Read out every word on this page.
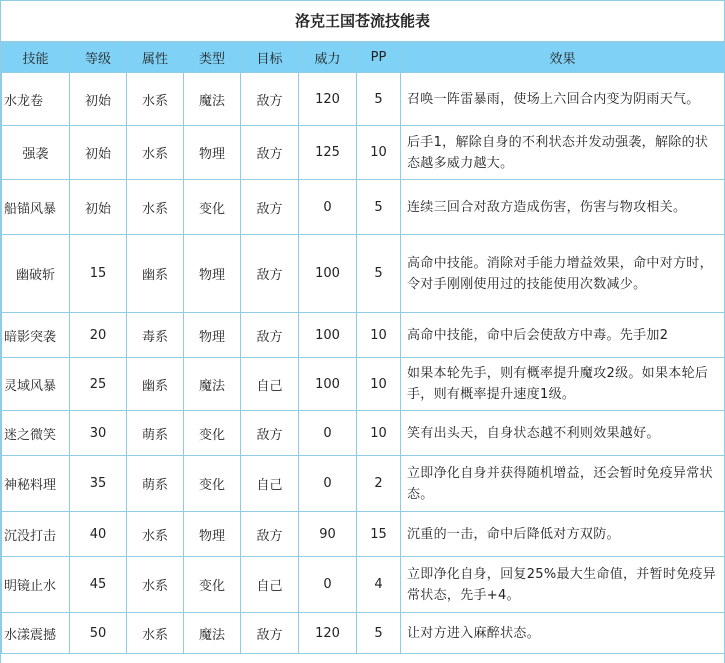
洛克王国苍流技能表
技能	等级	属性	类型	目标	威力	PP	效果
水龙卷	初始	水系	魔法	敌方	120	5	召唤一阵雷暴雨，使场上六回合内变为阴雨天气。
强袭	初始	水系	物理	敌方	125	10	后手1，解除自身的不利状态并发动强袭，解除的状态越多威力越大。
船锚风暴	初始	水系	变化	敌方	0	5	连续三回合对敌方造成伤害，伤害与物攻相关。
幽破斩	15	幽系	物理	敌方	100	5	高命中技能。消除对手能力增益效果，命中对方时，令对手刚刚使用过的技能使用次数减少。
暗影突袭	20	毒系	物理	敌方	100	10	高命中技能，命中后会使敌方中毒。先手加2
灵域风暴	25	幽系	魔法	自己	100	10	如果本轮先手，则有概率提升魔攻2级。如果本轮后手，则有概率提升速度1级。
迷之微笑	30	萌系	变化	敌方	0	10	笑有出头天，自身状态越不利则效果越好。
神秘料理	35	萌系	变化	自己	0	2	立即净化自身并获得随机增益，还会暂时免疫异常状态。
沉没打击	40	水系	物理	敌方	90	15	沉重的一击，命中后降低对方双防。
明镜止水	45	水系	变化	自己	0	4	立即净化自身，回复25%最大生命值，并暂时免疫异常状态，先手+4。
水漾震撼	50	水系	魔法	敌方	120	5	让对方进入麻醉状态。
